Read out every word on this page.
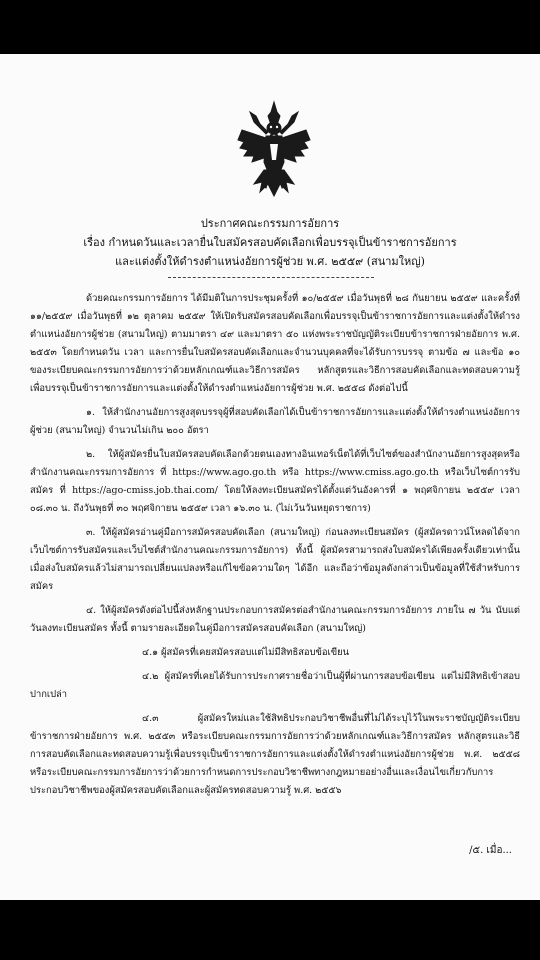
ประกาศคณะกรรมการอัยการ
เรื่อง กำหนดวันและเวลายื่นใบสมัครสอบคัดเลือกเพื่อบรรจุเป็นข้าราชการอัยการ
และแต่งตั้งให้ดำรงตำแหน่งอัยการผู้ช่วย พ.ศ. ๒๕๕๙ (สนามใหญ่)

ด้วยคณะกรรมการอัยการ ได้มีมติในการประชุมครั้งที่ ๑๐/๒๕๕๙ เมื่อวันพุธที่ ๒๘ กันยายน ๒๕๕๙ และครั้งที่ ๑๑/๒๕๕๙ เมื่อวันพุธที่ ๑๒ ตุลาคม ๒๕๕๙ ให้เปิดรับสมัครสอบคัดเลือกเพื่อบรรจุเป็นข้าราชการอัยการและแต่งตั้งให้ดำรงตำแหน่งอัยการผู้ช่วย (สนามใหญ่) ตามมาตรา ๔๙ และมาตรา ๕๐ แห่งพระราชบัญญัติระเบียบข้าราชการฝ่ายอัยการ พ.ศ. ๒๕๕๓ โดยกำหนดวัน เวลา และการยื่นใบสมัครสอบคัดเลือกและจำนวนบุคคลที่จะได้รับการบรรจุ ตามข้อ ๗ และข้อ ๑๐ ของระเบียบคณะกรรมการอัยการว่าด้วยหลักเกณฑ์และวิธีการสมัคร หลักสูตรและวิธีการสอบคัดเลือกและทดสอบความรู้เพื่อบรรจุเป็นข้าราชการอัยการและแต่งตั้งให้ดำรงตำแหน่งอัยการผู้ช่วย พ.ศ. ๒๕๕๘ ดังต่อไปนี้

๑. ให้สำนักงานอัยการสูงสุดบรรจุผู้ที่สอบคัดเลือกได้เป็นข้าราชการอัยการและแต่งตั้งให้ดำรงตำแหน่งอัยการผู้ช่วย (สนามใหญ่) จำนวนไม่เกิน ๒๐๐ อัตรา

๒. ให้ผู้สมัครยื่นใบสมัครสอบคัดเลือกด้วยตนเองทางอินเทอร์เน็ตได้ที่เว็บไซต์ของสำนักงานอัยการสูงสุดหรือสำนักงานคณะกรรมการอัยการ ที่ https://www.ago.go.th หรือ https://www.cmiss.ago.go.th หรือเว็บไซต์การรับสมัคร ที่ https://ago-cmiss.job.thai.com/ โดยให้ลงทะเบียนสมัครได้ตั้งแต่วันอังคารที่ ๑ พฤศจิกายน ๒๕๕๙ เวลา ๐๘.๓๐ น. ถึงวันพุธที่ ๓๐ พฤศจิกายน ๒๕๕๙ เวลา ๑๖.๓๐ น. (ไม่เว้นวันหยุดราชการ)

๓. ให้ผู้สมัครอ่านคู่มือการสมัครสอบคัดเลือก (สนามใหญ่) ก่อนลงทะเบียนสมัคร (ผู้สมัครดาวน์โหลดได้จากเว็บไซต์การรับสมัครและเว็บไซต์สำนักงานคณะกรรมการอัยการ) ทั้งนี้ ผู้สมัครสามารถส่งใบสมัครได้เพียงครั้งเดียวเท่านั้น เมื่อส่งใบสมัครแล้วไม่สามารถเปลี่ยนแปลงหรือแก้ไขข้อความใดๆ ได้อีก และถือว่าข้อมูลดังกล่าวเป็นข้อมูลที่ใช้สำหรับการสมัคร

๔. ให้ผู้สมัครดังต่อไปนี้ส่งหลักฐานประกอบการสมัครต่อสำนักงานคณะกรรมการอัยการ ภายใน ๗ วัน นับแต่วันลงทะเบียนสมัคร ทั้งนี้ ตามรายละเอียดในคู่มือการสมัครสอบคัดเลือก (สนามใหญ่)

๔.๑ ผู้สมัครที่เคยสมัครสอบแต่ไม่มีสิทธิสอบข้อเขียน

๔.๒ ผู้สมัครที่เคยได้รับการประกาศรายชื่อว่าเป็นผู้ที่ผ่านการสอบข้อเขียน แต่ไม่มีสิทธิเข้าสอบปากเปล่า

๔.๓ ผู้สมัครใหม่และใช้สิทธิประกอบวิชาชีพอื่นที่ไม่ได้ระบุไว้ในพระราชบัญญัติระเบียบข้าราชการฝ่ายอัยการ พ.ศ. ๒๕๕๓ หรือระเบียบคณะกรรมการอัยการว่าด้วยหลักเกณฑ์และวิธีการสมัคร หลักสูตรและวิธีการสอบคัดเลือกและทดสอบความรู้เพื่อบรรจุเป็นข้าราชการอัยการและแต่งตั้งให้ดำรงตำแหน่งอัยการผู้ช่วย พ.ศ. ๒๕๕๘ หรือระเบียบคณะกรรมการอัยการว่าด้วยการกำหนดการประกอบวิชาชีพทางกฎหมายอย่างอื่นและเงื่อนไขเกี่ยวกับการประกอบวิชาชีพของผู้สมัครสอบคัดเลือกและผู้สมัครทดสอบความรู้ พ.ศ. ๒๕๕๖

/๕. เมื่อ...
